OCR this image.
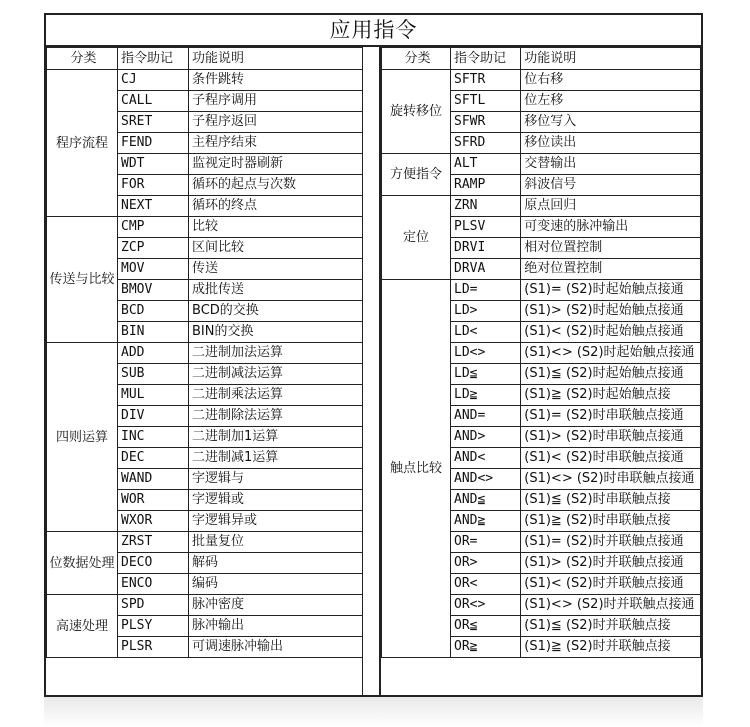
应用指令
分类	指令助记	功能说明
程序流程	CJ	条件跳转
	CALL	子程序调用
	SRET	子程序返回
	FEND	主程序结束
	WDT	监视定时器刷新
	FOR	循环的起点与次数
	NEXT	循环的终点
传送与比较	CMP	比较
	ZCP	区间比较
	MOV	传送
	BMOV	成批传送
	BCD	BCD的交换
	BIN	BIN的交换
四则运算	ADD	二进制加法运算
	SUB	二进制减法运算
	MUL	二进制乘法运算
	DIV	二进制除法运算
	INC	二进制加1运算
	DEC	二进制减1运算
	WAND	字逻辑与
	WOR	字逻辑或
	WXOR	字逻辑异或
位数据处理	ZRST	批量复位
	DECO	解码
	ENCO	编码
高速处理	SPD	脉冲密度
	PLSY	脉冲输出
	PLSR	可调速脉冲输出
分类	指令助记	功能说明
旋转移位	SFTR	位右移
	SFTL	位左移
	SFWR	移位写入
	SFRD	移位读出
方便指令	ALT	交替输出
	RAMP	斜波信号
定位	ZRN	原点回归
	PLSV	可变速的脉冲输出
	DRVI	相对位置控制
	DRVA	绝对位置控制
触点比较	LD=	(S1)= (S2)时起始触点接通
	LD>	(S1)> (S2)时起始触点接通
	LD<	(S1)< (S2)时起始触点接通
	LD<>	(S1)<> (S2)时起始触点接通
	LD≦	(S1)≦ (S2)时起始触点接通
	LD≧	(S1)≧ (S2)时起始触点接
	AND=	(S1)= (S2)时串联触点接通
	AND>	(S1)> (S2)时串联触点接通
	AND<	(S1)< (S2)时串联触点接通
	AND<>	(S1)<> (S2)时串联触点接通
	AND≦	(S1)≦ (S2)时串联触点接
	AND≧	(S1)≧ (S2)时串联触点接
	OR=	(S1)= (S2)时并联触点接通
	OR>	(S1)> (S2)时并联触点接通
	OR<	(S1)< (S2)时并联触点接通
	OR<>	(S1)<> (S2)时并联触点接通
	OR≦	(S1)≦ (S2)时并联触点接
	OR≧	(S1)≧ (S2)时并联触点接
